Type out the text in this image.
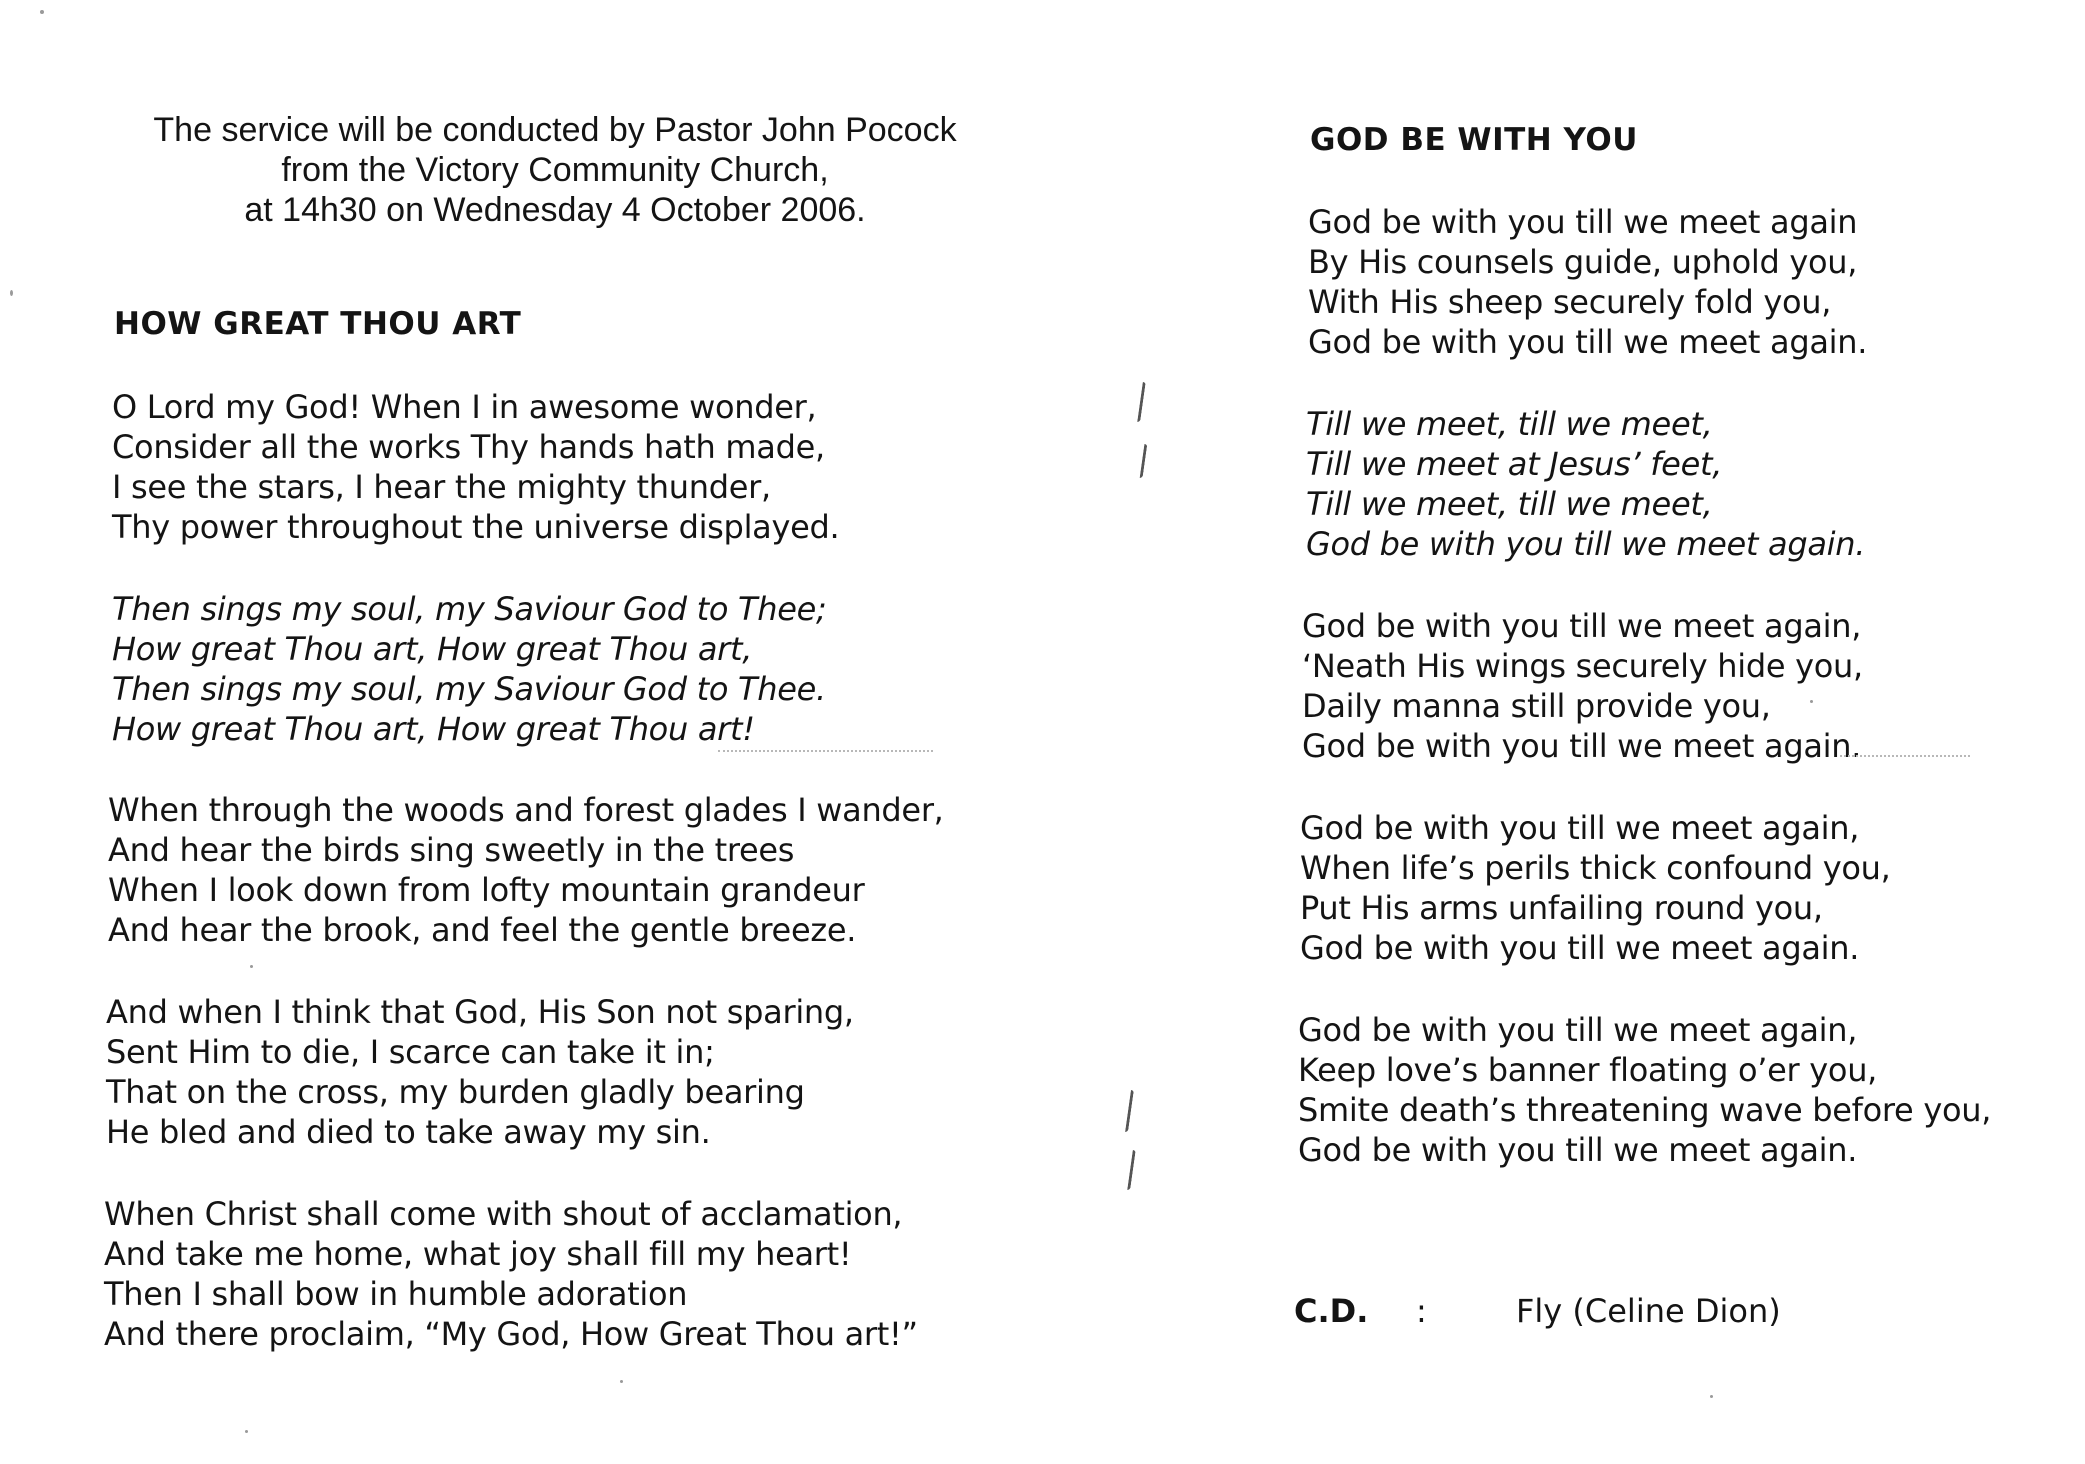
The service will be conducted by Pastor John Pocock
from the Victory Community Church,
at 14h30 on Wednesday 4 October 2006.
HOW GREAT THOU ART
O Lord my God! When I in awesome wonder,
Consider all the works Thy hands hath made,
I see the stars, I hear the mighty thunder,
Thy power throughout the universe displayed.
Then sings my soul, my Saviour God to Thee;
How great Thou art, How great Thou art,
Then sings my soul, my Saviour God to Thee.
How great Thou art, How great Thou art!
When through the woods and forest glades I wander,
And hear the birds sing sweetly in the trees
When I look down from lofty mountain grandeur
And hear the brook, and feel the gentle breeze.
And when I think that God, His Son not sparing,
Sent Him to die, I scarce can take it in;
That on the cross, my burden gladly bearing
He bled and died to take away my sin.
When Christ shall come with shout of acclamation,
And take me home, what joy shall fill my heart!
Then I shall bow in humble adoration
And there proclaim, “My God, How Great Thou art!”
GOD BE WITH YOU
God be with you till we meet again
By His counsels guide, uphold you,
With His sheep securely fold you,
God be with you till we meet again.
Till we meet, till we meet,
Till we meet at Jesus’ feet,
Till we meet, till we meet,
God be with you till we meet again.
God be with you till we meet again,
‘Neath His wings securely hide you,
Daily manna still provide you,
God be with you till we meet again.
God be with you till we meet again,
When life’s perils thick confound you,
Put His arms unfailing round you,
God be with you till we meet again.
God be with you till we meet again,
Keep love’s banner floating o’er you,
Smite death’s threatening wave before you,
God be with you till we meet again.
C.D. :	Fly (Celine Dion)
